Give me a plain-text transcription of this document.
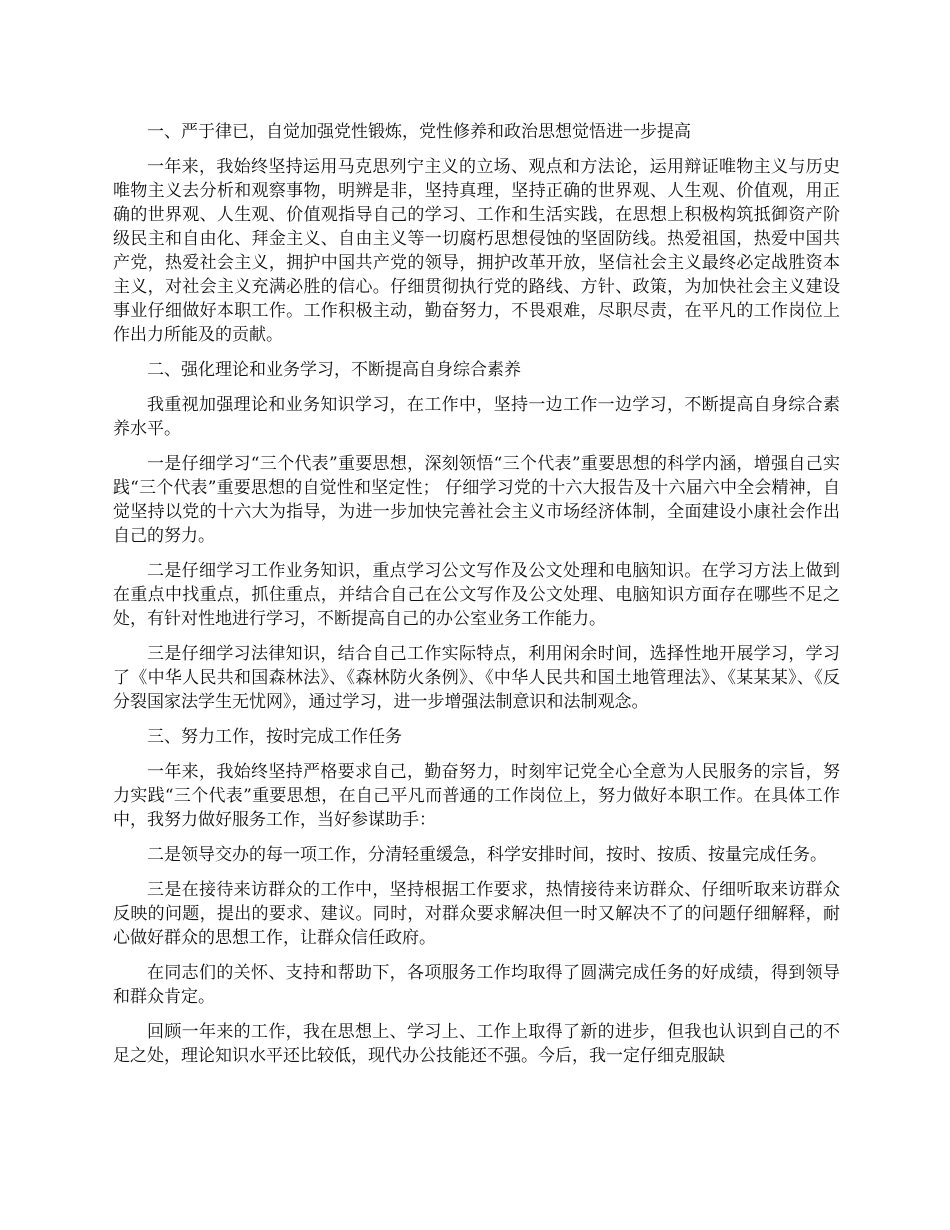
一、严于律已，自觉加强党性锻炼，党性修养和政治思想觉悟进一步提高

一年来，我始终坚持运用马克思列宁主义的立场、观点和方法论，运用辩证唯物主义与历史唯物主义去分析和观察事物，明辨是非，坚持真理，坚持正确的世界观、人生观、价值观，用正确的世界观、人生观、价值观指导自己的学习、工作和生活实践，在思想上积极构筑抵御资产阶级民主和自由化、拜金主义、自由主义等一切腐朽思想侵蚀的坚固防线。热爱祖国，热爱中国共产党，热爱社会主义，拥护中国共产党的领导，拥护改革开放，坚信社会主义最终必定战胜资本主义，对社会主义充满必胜的信心。仔细贯彻执行党的路线、方针、政策，为加快社会主义建设事业仔细做好本职工作。工作积极主动，勤奋努力，不畏艰难，尽职尽责，在平凡的工作岗位上作出力所能及的贡献。

二、强化理论和业务学习，不断提高自身综合素养

我重视加强理论和业务知识学习，在工作中，坚持一边工作一边学习，不断提高自身综合素养水平。

一是仔细学习“三个代表”重要思想，深刻领悟“三个代表”重要思想的科学内涵，增强自己实践“三个代表”重要思想的自觉性和坚定性； 仔细学习党的十六大报告及十六届六中全会精神，自觉坚持以党的十六大为指导，为进一步加快完善社会主义市场经济体制，全面建设小康社会作出自己的努力。

二是仔细学习工作业务知识，重点学习公文写作及公文处理和电脑知识。在学习方法上做到在重点中找重点，抓住重点，并结合自己在公文写作及公文处理、电脑知识方面存在哪些不足之处，有针对性地进行学习，不断提高自己的办公室业务工作能力。

三是仔细学习法律知识，结合自己工作实际特点，利用闲余时间，选择性地开展学习，学习了《中华人民共和国森林法》、《森林防火条例》、《中华人民共和国土地管理法》、《某某某》、《反分裂国家法学生无忧网》，通过学习，进一步增强法制意识和法制观念。

三、努力工作，按时完成工作任务

一年来，我始终坚持严格要求自己，勤奋努力，时刻牢记党全心全意为人民服务的宗旨，努力实践“三个代表”重要思想，在自己平凡而普通的工作岗位上，努力做好本职工作。在具体工作中，我努力做好服务工作，当好参谋助手：

二是领导交办的每一项工作，分清轻重缓急，科学安排时间，按时、按质、按量完成任务。

三是在接待来访群众的工作中，坚持根据工作要求，热情接待来访群众、仔细听取来访群众反映的问题，提出的要求、建议。同时，对群众要求解决但一时又解决不了的问题仔细解释，耐心做好群众的思想工作，让群众信任政府。

在同志们的关怀、支持和帮助下，各项服务工作均取得了圆满完成任务的好成绩，得到领导和群众肯定。

回顾一年来的工作，我在思想上、学习上、工作上取得了新的进步，但我也认识到自己的不足之处，理论知识水平还比较低，现代办公技能还不强。今后，我一定仔细克服缺
